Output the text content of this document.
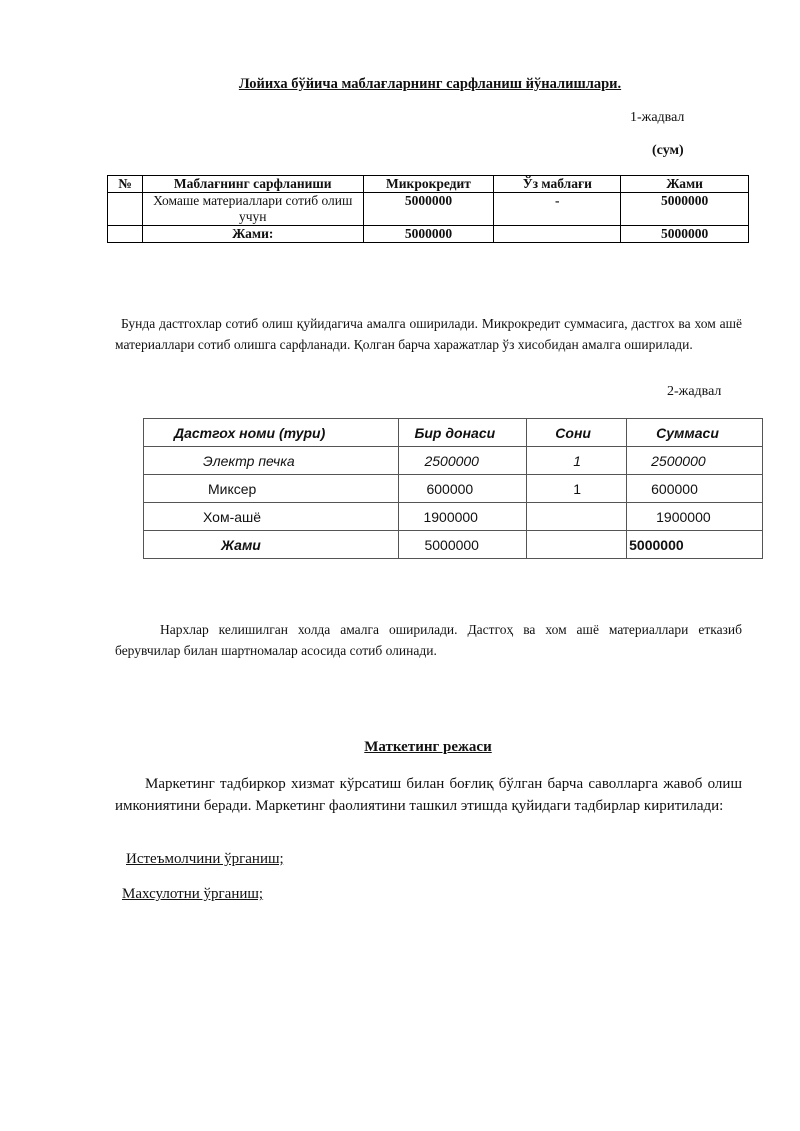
Лойиха бўйича маблағларнинг сарфланиш йўналишлари.
1-жадвал
(сум)
№	Маблағнинг сарфланиши	Микрокредит	Ўз маблағи	Жами
	Хомаше материаллари сотиб олиш учун	5000000	-	5000000
	Жами:	5000000		5000000
Бунда дастгохлар сотиб олиш қуйидагича амалга оширилади. Микрокредит суммасига, дастгох ва хом ашё материаллари сотиб олишга сарфланади. Қолган барча харажатлар ўз хисобидан амалга оширилади.
2-жадвал
Дастгох номи (тури)	Бир донаси	Сони	Суммаси
Электр печка	2500000	1	2500000
Миксер	600000	1	600000
Хом-ашё	1900000		1900000
Жами	5000000		5000000
Нархлар келишилган холда амалга оширилади. Дастгоҳ ва хом ашё материаллари етказиб берувчилар билан шартномалар асосида сотиб олинади.
Маткетинг режаси
Маркетинг тадбиркор хизмат кўрсатиш билан боғлиқ бўлган барча саволларга жавоб олиш имкониятини беради. Маркетинг фаолиятини ташкил этишда қуйидаги тадбирлар киритилади:
Истеъмолчини ўрганиш;
Махсулотни ўрганиш;
